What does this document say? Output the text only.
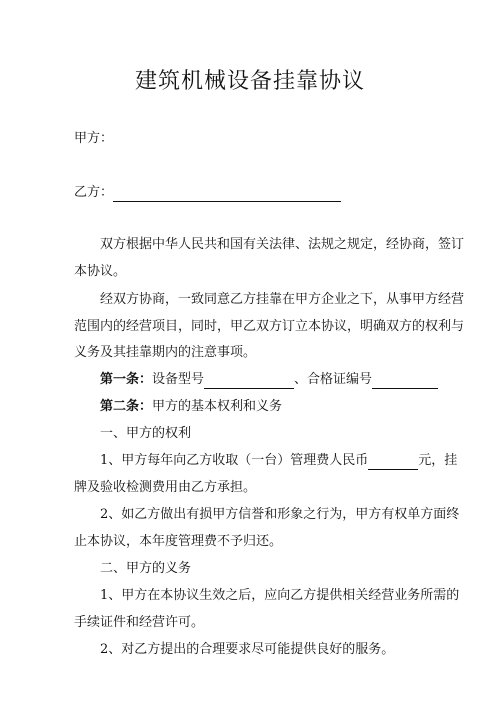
建筑机械设备挂靠协议
甲方：
乙方：
双方根据中华人民共和国有关法律、法规之规定，经协商，签订
本协议。
经双方协商，一致同意乙方挂靠在甲方企业之下，从事甲方经营
范围内的经营项目，同时，甲乙双方订立本协议，明确双方的权利与
义务及其挂靠期内的注意事项。
第一条：设备型号	、合格证编号
第二条：甲方的基本权利和义务
一、甲方的权利
1、甲方每年向乙方收取（一台）管理费人民币	元，挂
牌及验收检测费用由乙方承担。
2、如乙方做出有损甲方信誉和形象之行为，甲方有权单方面终
止本协议，本年度管理费不予归还。
二、甲方的义务
1、甲方在本协议生效之后，应向乙方提供相关经营业务所需的
手续证件和经营许可。
2、对乙方提出的合理要求尽可能提供良好的服务。
